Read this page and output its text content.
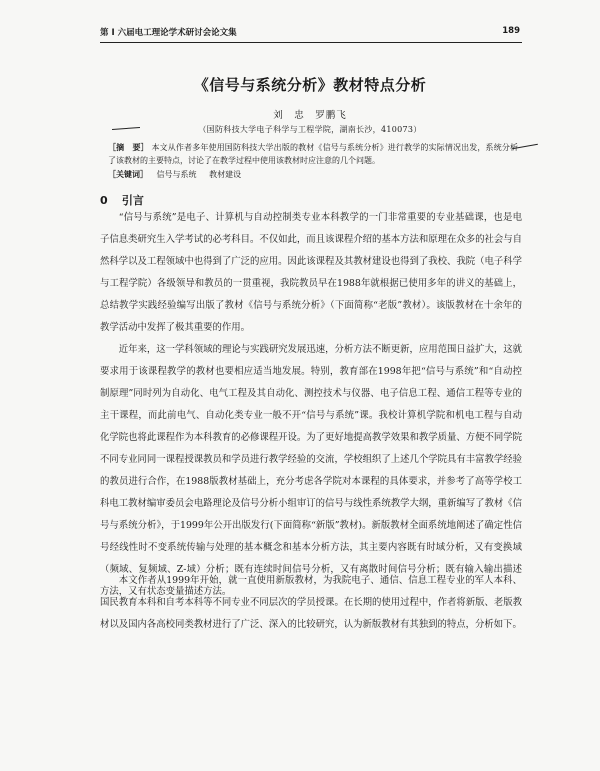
第 I 六届电工理论学术研讨会论文集	189
《信号与系统分析》教材特点分析
刘　忠　罗鹏飞
（国防科技大学电子科学与工程学院，湖南长沙，410073）
［摘　要］ 本文从作者多年使用国防科技大学出版的教材《信号与系统分析》进行教学的实际情况出发，系统分析了该教材的主要特点，讨论了在教学过程中使用该教材时应注意的几个问题。
［关键词］ 信号与系统 教材建设
0 引言

“信号与系统”是电子、计算机与自动控制类专业本科教学的一门非常重要的专业基础课，也是电子信息类研究生入学考试的必考科目。不仅如此，而且该课程介绍的基本方法和原理在众多的社会与自然科学以及工程领域中也得到了广泛的应用。因此该课程及其教材建设也得到了我校、我院（电子科学与工程学院）各级领导和教员的一贯重视，我院教员早在1988年就根据已使用多年的讲义的基础上，总结教学实践经验编写出版了教材《信号与系统分析》（下面简称“老版”教材）。该版教材在十余年的教学活动中发挥了极其重要的作用。

近年来，这一学科领域的理论与实践研究发展迅速，分析方法不断更新，应用范围日益扩大，这就要求用于该课程教学的教材也要相应适当地发展。特别，教育部在1998年把“信号与系统”和“自动控制原理”同时列为自动化、电气工程及其自动化、测控技术与仪器、电子信息工程、通信工程等专业的主干课程，而此前电气、自动化类专业一般不开“信号与系统”课。我校计算机学院和机电工程与自动化学院也将此课程作为本科教育的必修课程开设。为了更好地提高教学效果和教学质量、方便不同学院不同专业同同一课程授课教员和学员进行教学经验的交流，学校组织了上述几个学院具有丰富教学经验的教员进行合作，在1988版教材基础上，充分考虑各学院对本课程的具体要求，并参考了高等学校工科电工教材编审委员会电路理论及信号分析小组审订的信号与线性系统教学大纲，重新编写了教材《信号与系统分析》，于1999年公开出版发行(下面简称“新版”教材)。新版教材全面系统地阐述了确定性信号经线性时不变系统传输与处理的基本概念和基本分析方法，其主要内容既有时域分析，又有变换域（频域、复频域、Z-域）分析；既有连续时间信号分析，又有离散时间信号分析；既有输入输出描述方法，又有状态变量描述方法。

本文作者从1999年开始，就一直使用新版教材，为我院电子、通信、信息工程专业的军人本科、国民教育本科和自考本科等不同专业不同层次的学员授课。在长期的使用过程中，作者将新版、老版教材以及国内各高校同类教材进行了广泛、深入的比较研究，认为新版教材有其独到的特点，分析如下。
